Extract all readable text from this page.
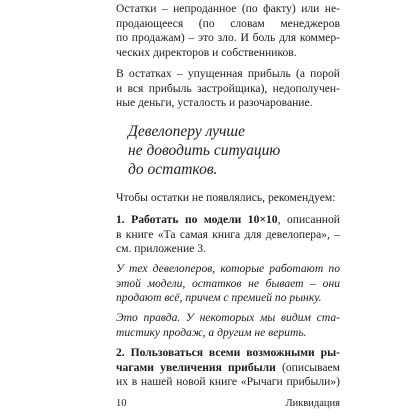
Остатки – непроданное (по факту) или не-
продающееся (по словам менеджеров
по продажам) – это зло. И боль для коммер-
ческих директоров и собственников.
В остатках – упущенная прибыль (а порой
и вся прибыль застройщика), недополучен-
ные деньги, усталость и разочарование.
Девелоперу лучше
не доводить ситуацию
до остатков.
Чтобы остатки не появлялись, рекомендуем:
1. Работать по модели 10×10, описанной
в книге «Та самая книга для девелопера», –
см. приложение 3.
У тех девелоперов, которые работают по
этой модели, остатков не бывает – они
продают всё, причем с премией по рынку.
Это правда. У некоторых мы видим ста-
тистику продаж, а другим не верить.
2. Пользоваться всеми возможными ры-
чагами увеличения прибыли (описываем
их в нашей новой книге «Рычаги прибыли»)
10	Ликвидация
